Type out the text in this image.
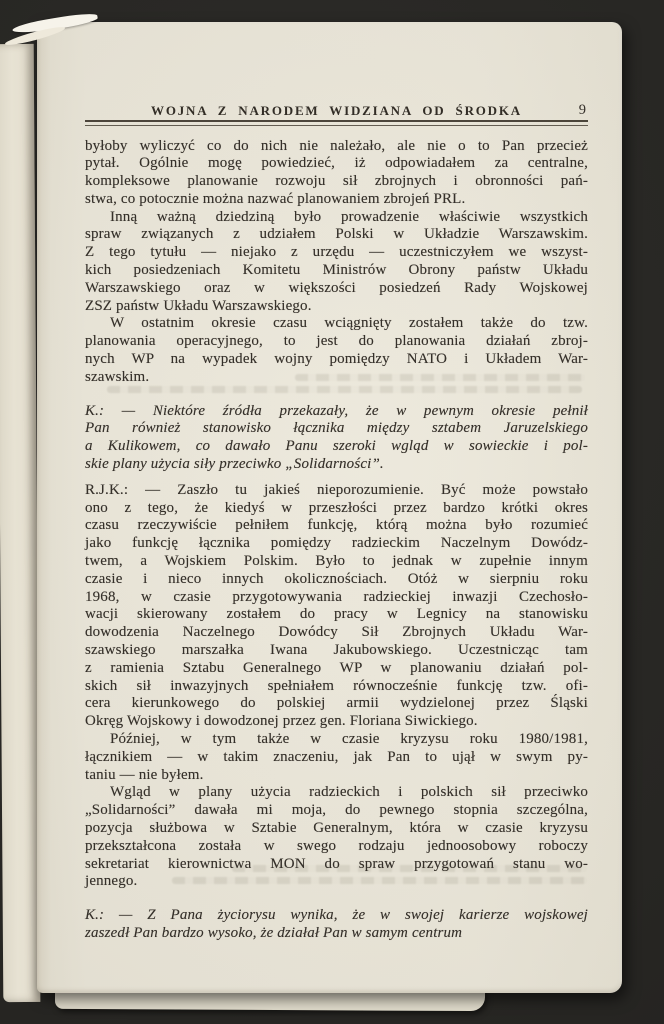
WOJNA Z NARODEM WIDZIANA OD ŚRODKA	9
byłoby wyliczyć co do nich nie należało, ale nie o to Pan przecież
pytał. Ogólnie mogę powiedzieć, iż odpowiadałem za centralne,
kompleksowe planowanie rozwoju sił zbrojnych i obronności pań-
stwa, co potocznie można nazwać planowaniem zbrojeń PRL.
Inną ważną dziedziną było prowadzenie właściwie wszystkich
spraw związanych z udziałem Polski w Układzie Warszawskim.
Z tego tytułu — niejako z urzędu — uczestniczyłem we wszyst-
kich posiedzeniach Komitetu Ministrów Obrony państw Układu
Warszawskiego oraz w większości posiedzeń Rady Wojskowej
ZSZ państw Układu Warszawskiego.
W ostatnim okresie czasu wciągnięty zostałem także do tzw.
planowania operacyjnego, to jest do planowania działań zbroj-
nych WP na wypadek wojny pomiędzy NATO i Układem War-
szawskim.
K.: — Niektóre źródła przekazały, że w pewnym okresie pełnił
Pan również stanowisko łącznika między sztabem Jaruzelskiego
a Kulikowem, co dawało Panu szeroki wgląd w sowieckie i pol-
skie plany użycia siły przeciwko „Solidarności”.
R.J.K.: — Zaszło tu jakieś nieporozumienie. Być może powstało
ono z tego, że kiedyś w przeszłości przez bardzo krótki okres
czasu rzeczywiście pełniłem funkcję, którą można było rozumieć
jako funkcję łącznika pomiędzy radzieckim Naczelnym Dowódz-
twem, a Wojskiem Polskim. Było to jednak w zupełnie innym
czasie i nieco innych okolicznościach. Otóż w sierpniu roku
1968, w czasie przygotowywania radzieckiej inwazji Czechosło-
wacji skierowany zostałem do pracy w Legnicy na stanowisku
dowodzenia Naczelnego Dowódcy Sił Zbrojnych Układu War-
szawskiego marszałka Iwana Jakubowskiego. Uczestnicząc tam
z ramienia Sztabu Generalnego WP w planowaniu działań pol-
skich sił inwazyjnych spełniałem równocześnie funkcję tzw. ofi-
cera kierunkowego do polskiej armii wydzielonej przez Śląski
Okręg Wojskowy i dowodzonej przez gen. Floriana Siwickiego.
Później, w tym także w czasie kryzysu roku 1980/1981,
łącznikiem — w takim znaczeniu, jak Pan to ujął w swym py-
taniu — nie byłem.
Wgląd w plany użycia radzieckich i polskich sił przeciwko
„Solidarności” dawała mi moja, do pewnego stopnia szczególna,
pozycja służbowa w Sztabie Generalnym, która w czasie kryzysu
przekształcona została w swego rodzaju jednoosobowy roboczy
sekretariat kierownictwa MON do spraw przygotowań stanu wo-
jennego.
K.: — Z Pana życiorysu wynika, że w swojej karierze wojskowej
zaszedł Pan bardzo wysoko, że działał Pan w samym centrum
